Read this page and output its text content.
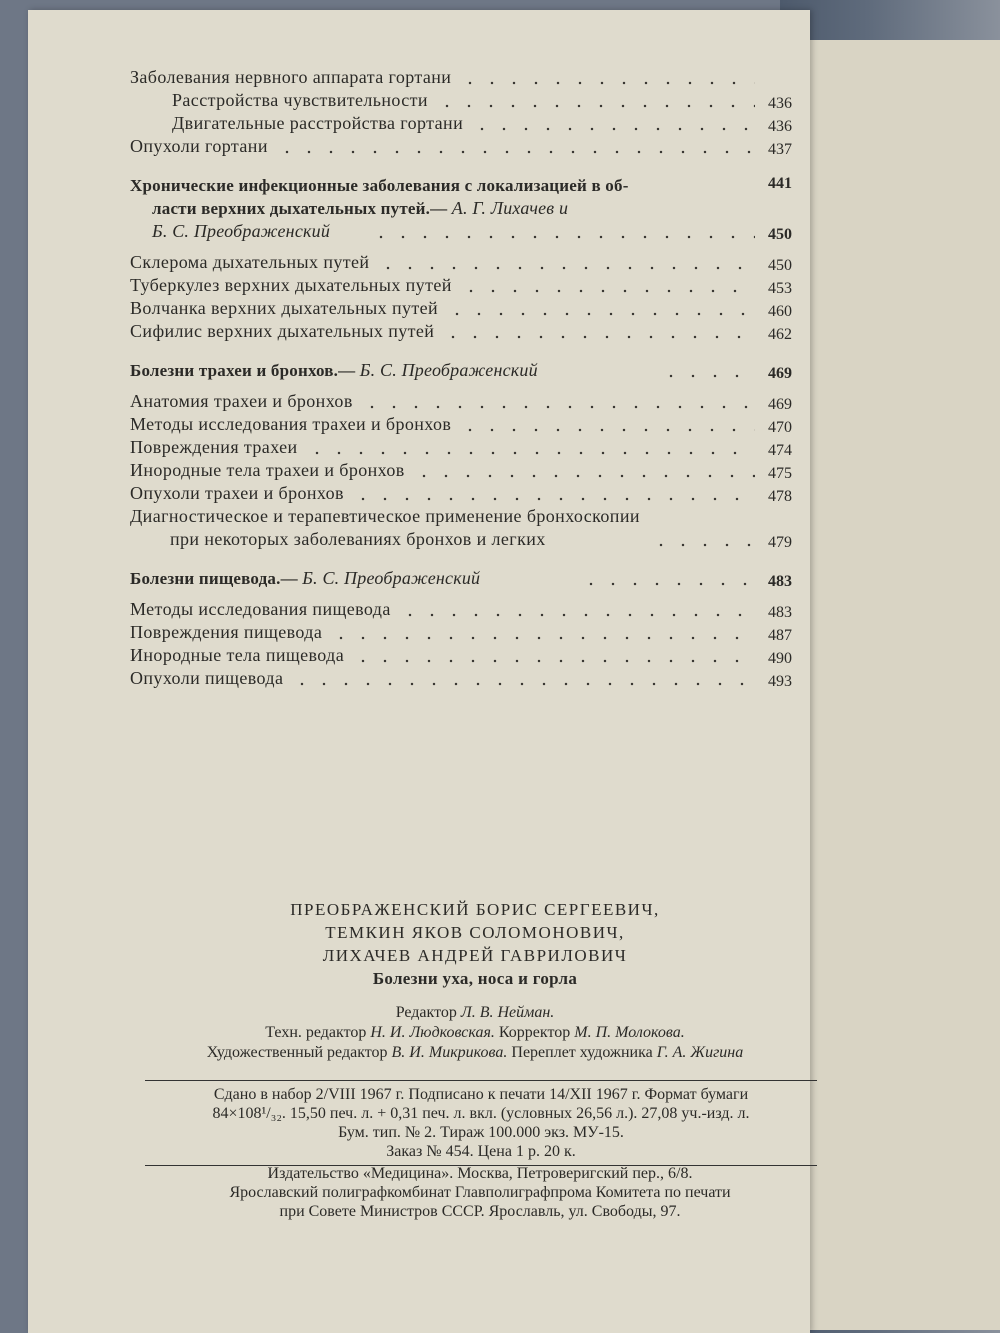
Заболевания нервного аппарата гортани
Расстройства чувствительности	436
Двигательные расстройства гортани	436
Опухоли гортани	437
Хронические инфекционные заболевания с локализацией в об-	441
ласти верхних дыхательных путей.— А. Г. Лихачев и
Б. С. Преображенский	450
Склерома дыхательных путей	450
Туберкулез верхних дыхательных путей	453
Волчанка верхних дыхательных путей	460
Сифилис верхних дыхательных путей	462
Болезни трахеи и бронхов.— Б. С. Преображенский	469
Анатомия трахеи и бронхов	469
Методы исследования трахеи и бронхов	470
Повреждения трахеи	474
Инородные тела трахеи и бронхов	475
Опухоли трахеи и бронхов	478
Диагностическое и терапевтическое применение бронхоскопии
при некоторых заболеваниях бронхов и легких	479
Болезни пищевода.— Б. С. Преображенский	483
Методы исследования пищевода	483
Повреждения пищевода	487
Инородные тела пищевода	490
Опухоли пищевода	493
ПРЕОБРАЖЕНСКИЙ БОРИС СЕРГЕЕВИЧ,
ТЕМКИН ЯКОВ СОЛОМОНОВИЧ,
ЛИХАЧЕВ АНДРЕЙ ГАВРИЛОВИЧ
Болезни уха, носа и горла
Редактор Л. В. Нейман.
Техн. редактор Н. И. Людковская. Корректор М. П. Молокова.
Художественный редактор В. И. Микрикова. Переплет художника Г. А. Жигина
Сдано в набор 2/VIII 1967 г. Подписано к печати 14/XII 1967 г. Формат бумаги
84×108¹/₃₂. 15,50 печ. л. + 0,31 печ. л. вкл. (условных 26,56 л.). 27,08 уч.-изд. л.
Бум. тип. № 2. Тираж 100.000 экз. МУ-15.
Заказ № 454. Цена 1 р. 20 к.
Издательство «Медицина». Москва, Петроверигский пер., 6/8.
Ярославский полиграфкомбинат Главполиграфпрома Комитета по печати
при Совете Министров СССР. Ярославль, ул. Свободы, 97.
